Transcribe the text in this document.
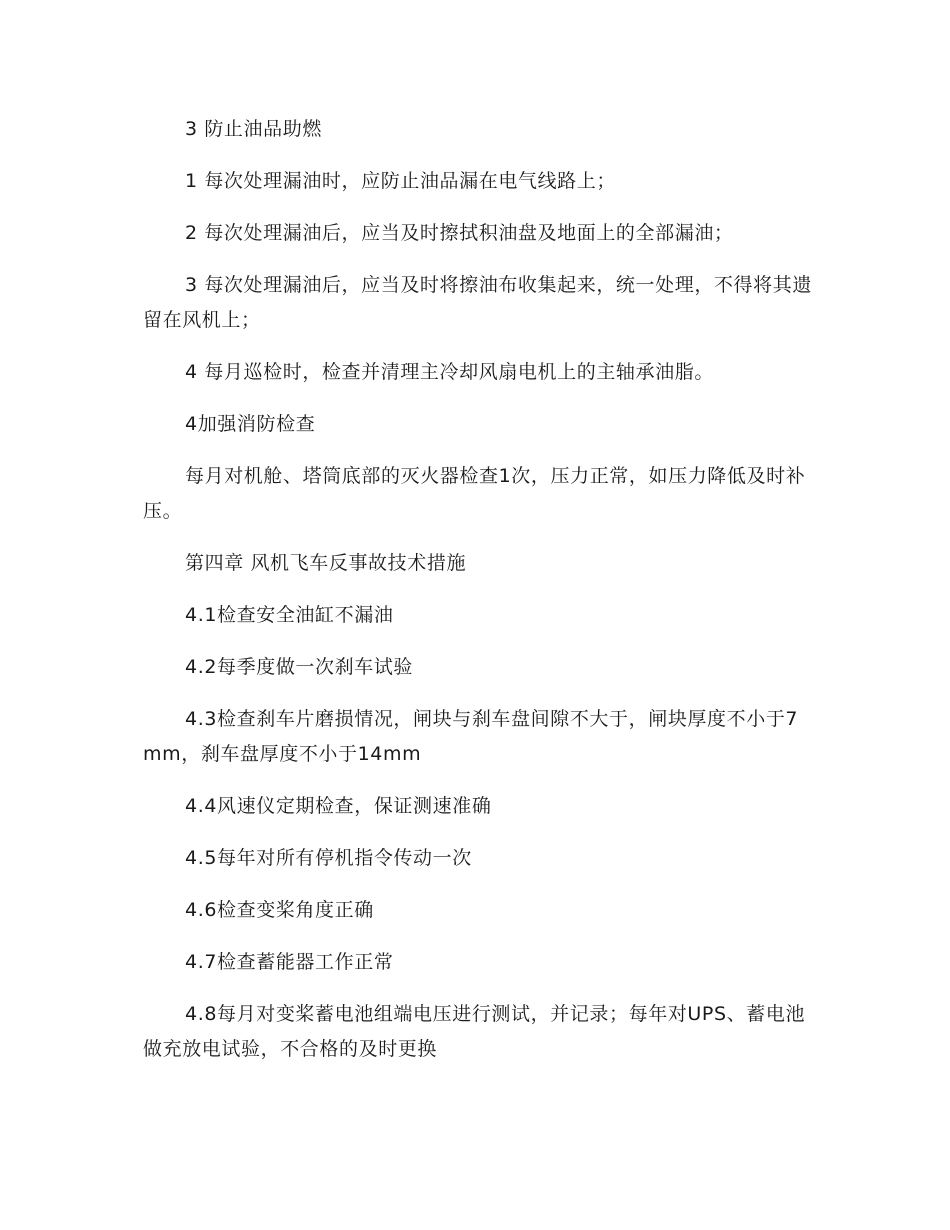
3 防止油品助燃

1 每次处理漏油时，应防止油品漏在电气线路上；

2 每次处理漏油后，应当及时擦拭积油盘及地面上的全部漏油；

3 每次处理漏油后，应当及时将擦油布收集起来，统一处理，不得将其遗留在风机上；

4 每月巡检时，检查并清理主冷却风扇电机上的主轴承油脂。

4加强消防检查

每月对机舱、塔筒底部的灭火器检查1次，压力正常，如压力降低及时补压。

第四章 风机飞车反事故技术措施

4.1检查安全油缸不漏油

4.2每季度做一次刹车试验

4.3检查刹车片磨损情况，闸块与刹车盘间隙不大于，闸块厚度不小于7mm，刹车盘厚度不小于14mm

4.4风速仪定期检查，保证测速准确

4.5每年对所有停机指令传动一次

4.6检查变桨角度正确

4.7检查蓄能器工作正常

4.8每月对变桨蓄电池组端电压进行测试，并记录；每年对UPS、蓄电池做充放电试验，不合格的及时更换
